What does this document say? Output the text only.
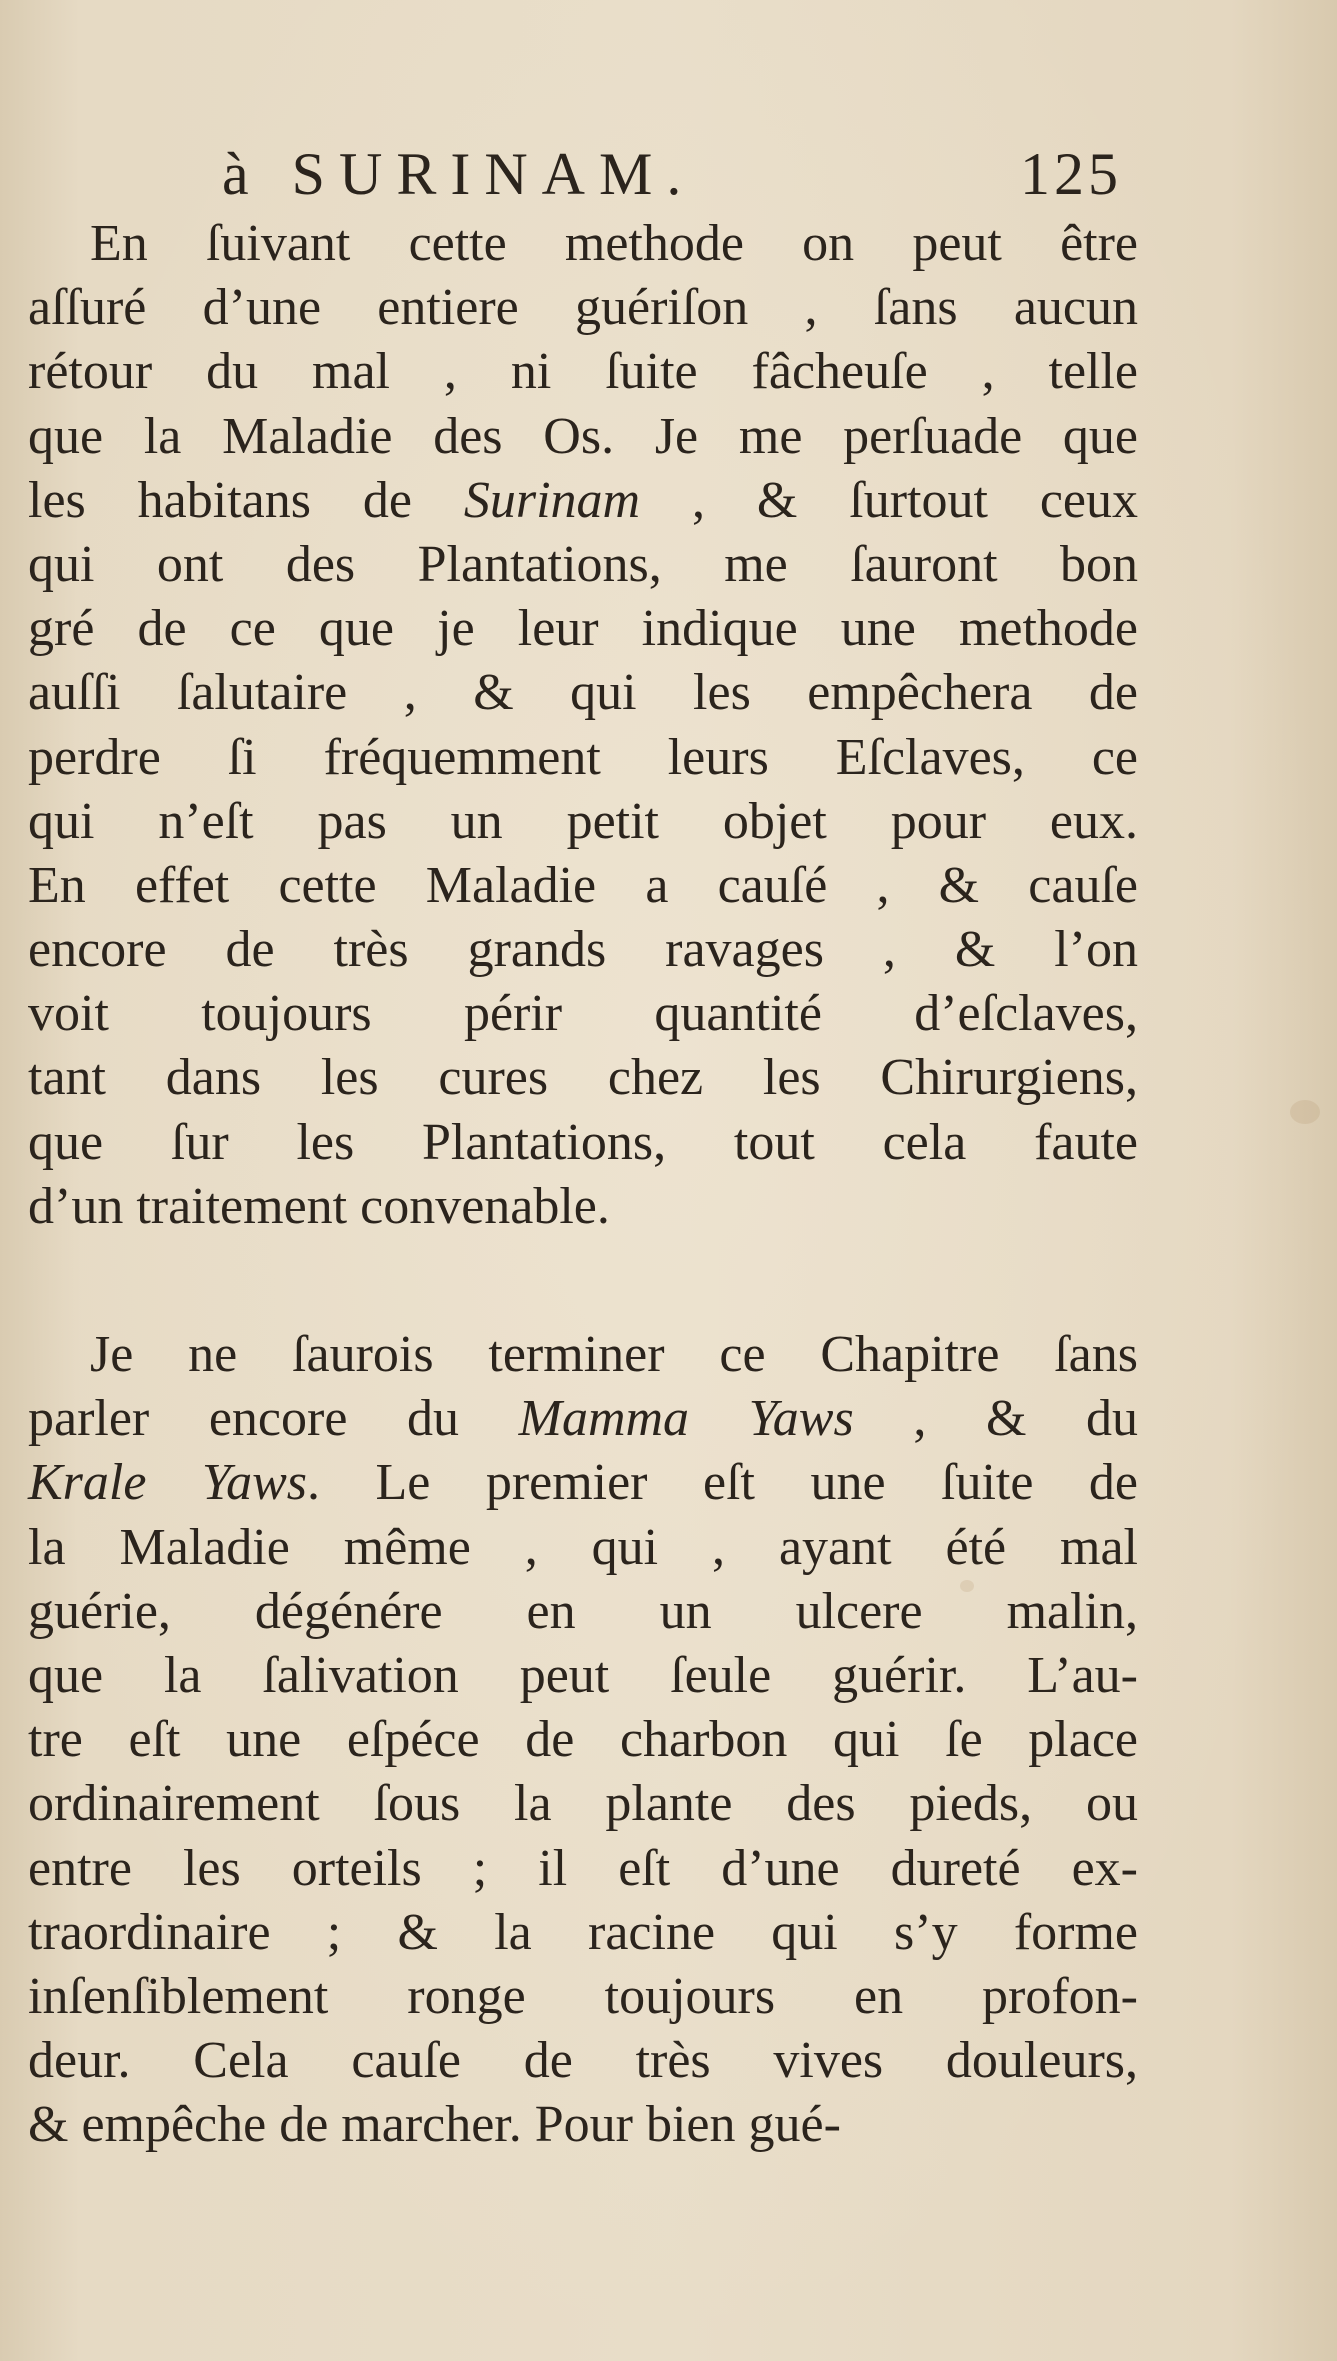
à SURINAM.	125
En ſuivant cette methode on peut être
aſſuré d’une entiere guériſon , ſans aucun
rétour du mal , ni ſuite fâcheuſe , telle
que la Maladie des Os. Je me perſuade que
les habitans de Surinam , & ſurtout ceux
qui ont des Plantations, me ſauront bon
gré de ce que je leur indique une methode
auſſi ſalutaire , & qui les empêchera de
perdre ſi fréquemment leurs Eſclaves, ce
qui n’eſt pas un petit objet pour eux.
En effet cette Maladie a cauſé , & cauſe
encore de très grands ravages , & l’on
voit toujours périr quantité d’eſclaves,
tant dans les cures chez les Chirurgiens,
que ſur les Plantations, tout cela faute
d’un traitement convenable.
Je ne ſaurois terminer ce Chapitre ſans
parler encore du Mamma Yaws , & du
Krale Yaws. Le premier eſt une ſuite de
la Maladie même , qui , ayant été mal
guérie, dégénére en un ulcere malin,
que la ſalivation peut ſeule guérir. L’au-
tre eſt une eſpéce de charbon qui ſe place
ordinairement ſous la plante des pieds, ou
entre les orteils ; il eſt d’une dureté ex-
traordinaire ; & la racine qui s’y forme
inſenſiblement ronge toujours en profon-
deur. Cela cauſe de très vives douleurs,
& empêche de marcher. Pour bien gué-
